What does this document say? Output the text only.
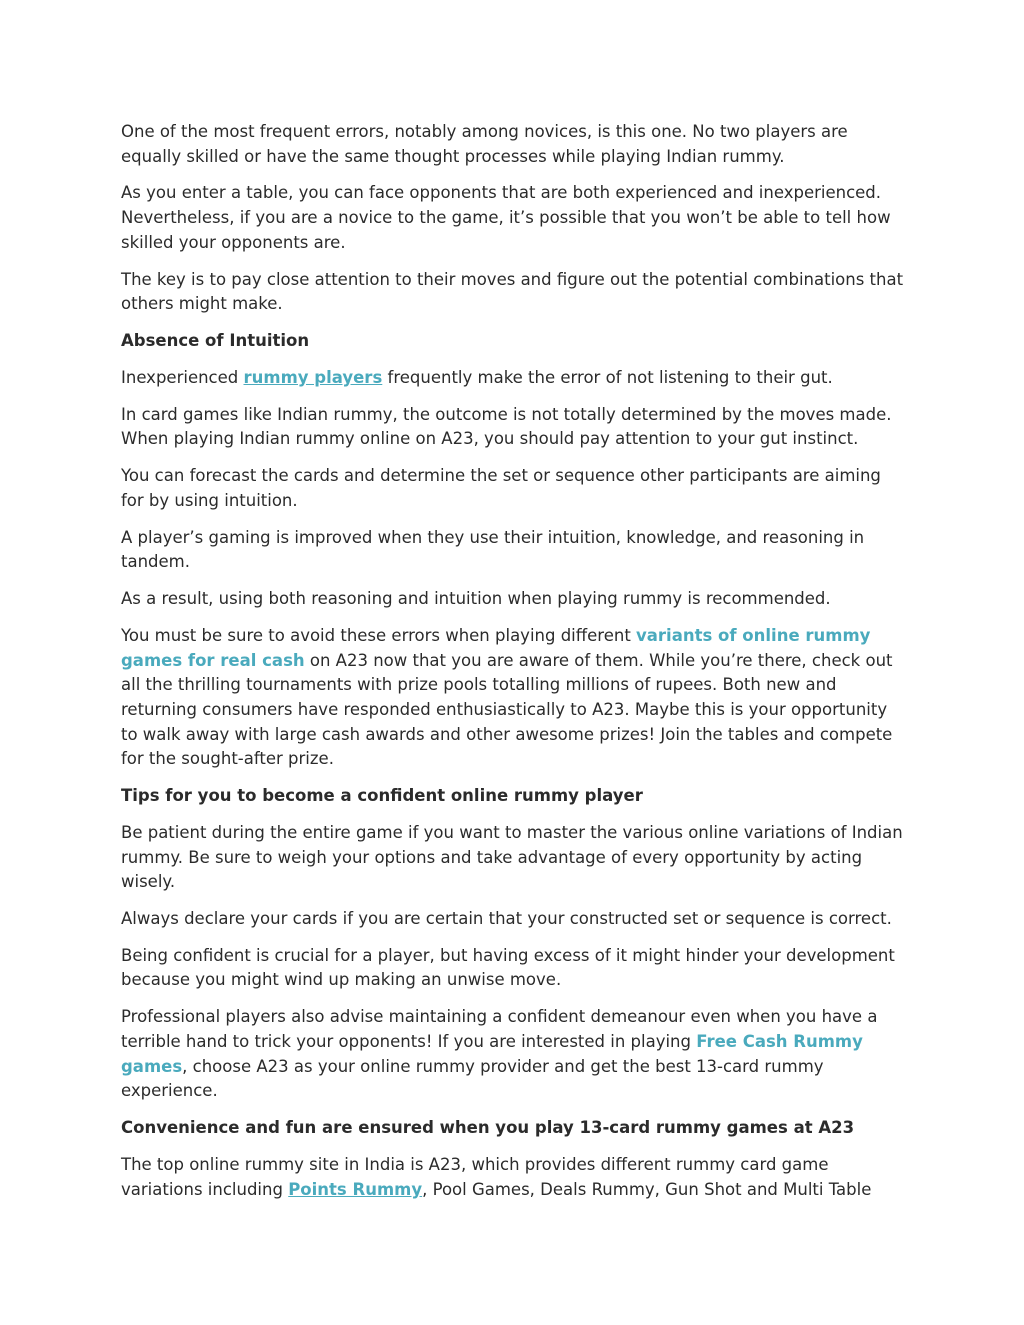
One of the most frequent errors, notably among novices, is this one. No two players are equally skilled or have the same thought processes while playing Indian rummy.

As you enter a table, you can face opponents that are both experienced and inexperienced. Nevertheless, if you are a novice to the game, it’s possible that you won’t be able to tell how skilled your opponents are.

The key is to pay close attention to their moves and figure out the potential combinations that others might make.

Absence of Intuition

Inexperienced rummy players frequently make the error of not listening to their gut.

In card games like Indian rummy, the outcome is not totally determined by the moves made. When playing Indian rummy online on A23, you should pay attention to your gut instinct.

You can forecast the cards and determine the set or sequence other participants are aiming for by using intuition.

A player’s gaming is improved when they use their intuition, knowledge, and reasoning in tandem.

As a result, using both reasoning and intuition when playing rummy is recommended.

You must be sure to avoid these errors when playing different variants of online rummy games for real cash on A23 now that you are aware of them. While you’re there, check out all the thrilling tournaments with prize pools totalling millions of rupees. Both new and returning consumers have responded enthusiastically to A23. Maybe this is your opportunity to walk away with large cash awards and other awesome prizes! Join the tables and compete for the sought-after prize.

Tips for you to become a confident online rummy player

Be patient during the entire game if you want to master the various online variations of Indian rummy. Be sure to weigh your options and take advantage of every opportunity by acting wisely.

Always declare your cards if you are certain that your constructed set or sequence is correct.

Being confident is crucial for a player, but having excess of it might hinder your development because you might wind up making an unwise move.

Professional players also advise maintaining a confident demeanour even when you have a terrible hand to trick your opponents! If you are interested in playing Free Cash Rummy games, choose A23 as your online rummy provider and get the best 13-card rummy experience.

Convenience and fun are ensured when you play 13-card rummy games at A23

The top online rummy site in India is A23, which provides different rummy card game variations including Points Rummy, Pool Games, Deals Rummy, Gun Shot and Multi Table
